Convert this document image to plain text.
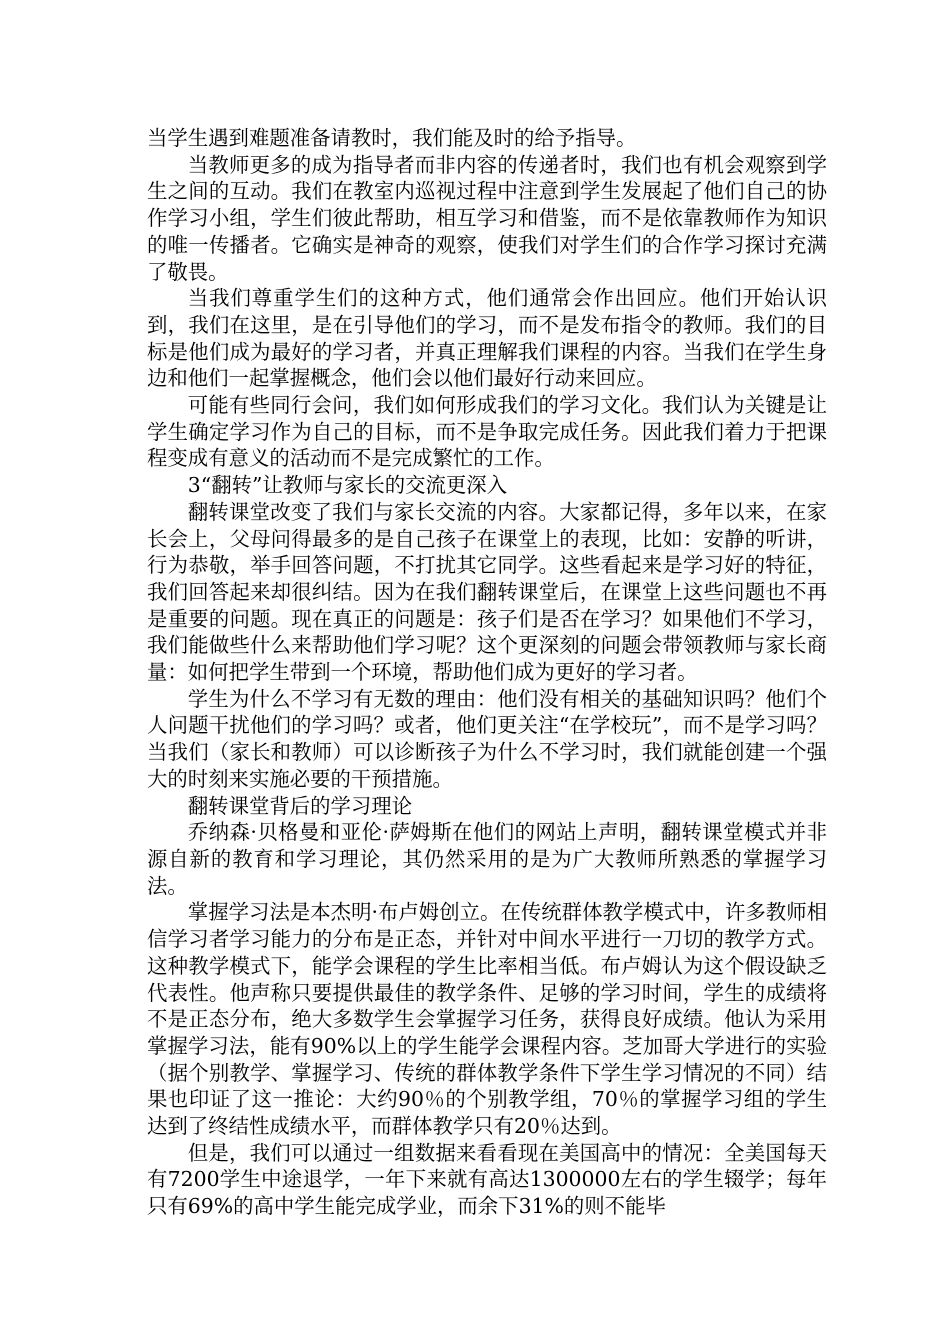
当学生遇到难题准备请教时，我们能及时的给予指导。

当教师更多的成为指导者而非内容的传递者时，我们也有机会观察到学生之间的互动。我们在教室内巡视过程中注意到学生发展起了他们自己的协作学习小组，学生们彼此帮助，相互学习和借鉴，而不是依靠教师作为知识的唯一传播者。它确实是神奇的观察，使我们对学生们的合作学习探讨充满了敬畏。

当我们尊重学生们的这种方式，他们通常会作出回应。他们开始认识到，我们在这里，是在引导他们的学习，而不是发布指令的教师。我们的目标是他们成为最好的学习者，并真正理解我们课程的内容。当我们在学生身边和他们一起掌握概念，他们会以他们最好行动来回应。

可能有些同行会问，我们如何形成我们的学习文化。我们认为关键是让学生确定学习作为自己的目标，而不是争取完成任务。因此我们着力于把课程变成有意义的活动而不是完成繁忙的工作。

3“翻转”让教师与家长的交流更深入

翻转课堂改变了我们与家长交流的内容。大家都记得，多年以来，在家长会上，父母问得最多的是自己孩子在课堂上的表现，比如：安静的听讲，行为恭敬，举手回答问题，不打扰其它同学。这些看起来是学习好的特征，我们回答起来却很纠结。因为在我们翻转课堂后，在课堂上这些问题也不再是重要的问题。现在真正的问题是：孩子们是否在学习？如果他们不学习，我们能做些什么来帮助他们学习呢？这个更深刻的问题会带领教师与家长商量：如何把学生带到一个环境，帮助他们成为更好的学习者。

学生为什么不学习有无数的理由：他们没有相关的基础知识吗？他们个人问题干扰他们的学习吗？或者，他们更关注“在学校玩”，而不是学习吗？当我们（家长和教师）可以诊断孩子为什么不学习时，我们就能创建一个强大的时刻来实施必要的干预措施。

翻转课堂背后的学习理论

乔纳森·贝格曼和亚伦·萨姆斯在他们的网站上声明，翻转课堂模式并非源自新的教育和学习理论，其仍然采用的是为广大教师所熟悉的掌握学习法。

掌握学习法是本杰明·布卢姆创立。在传统群体教学模式中，许多教师相信学习者学习能力的分布是正态，并针对中间水平进行一刀切的教学方式。这种教学模式下，能学会课程的学生比率相当低。布卢姆认为这个假设缺乏代表性。他声称只要提供最佳的教学条件、足够的学习时间，学生的成绩将不是正态分布，绝大多数学生会掌握学习任务，获得良好成绩。他认为采用掌握学习法，能有90%以上的学生能学会课程内容。芝加哥大学进行的实验（据个别教学、掌握学习、传统的群体教学条件下学生学习情况的不同）结果也印证了这一推论：大约90％的个别教学组，70％的掌握学习组的学生达到了终结性成绩水平，而群体教学只有20％达到。

但是，我们可以通过一组数据来看看现在美国高中的情况：全美国每天有7200学生中途退学，一年下来就有高达1300000左右的学生辍学；每年只有69%的高中学生能完成学业，而余下31%的则不能毕
